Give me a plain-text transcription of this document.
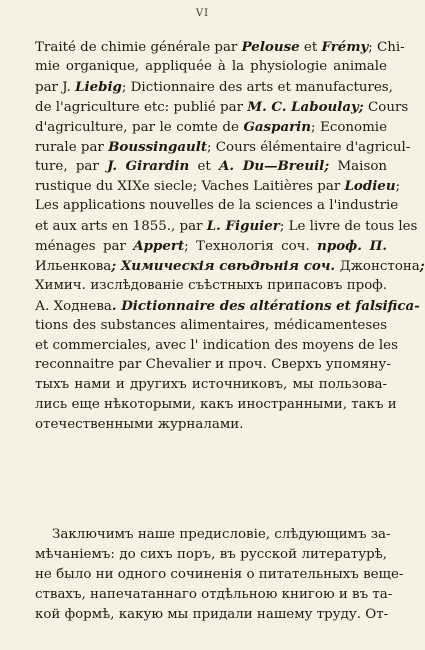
VI
Traité de chimie générale par Pelouse et Frémy; Chi-
mie organique, appliquée à la physiologie animale
par J. Liebig; Dictionnaire des arts et manufactures,
de l'agriculture etc: publié par M. C. Laboulay; Cours
d'agriculture, par le comte de Gasparin; Economie
rurale par Boussingault; Cours élémentaire d'agricul-
ture, par J. Girardin et A. Du—Breuil; Maison
rustique du XIXe siecle; Vaches Laitières par Lodieu;
Les applications nouvelles de la sciences a l'industrie
et aux arts en 1855., par L. Figuier; Le livre de tous les
ménages par Appert; Технологія соч. проф. П.
Ильенкова; Химическія свѣдѣнія соч. Джонстона;
Химич. изслѣдованіе съѣстныхъ припасовъ проф.
А. Ходнева. Dictionnaire des altérations et falsifica-
tions des substances alimentaires, médicamenteses
et commerciales, avec l' indication des moyens de les
reconnaitre par Chevalier и проч. Сверхъ упомяну-
тыхъ нами и другихъ источниковъ, мы пользова-
лись еще нѣкоторыми, какъ иностранными, такъ и
отечественными журналами.
Заключимъ наше предисловіе, слѣдующимъ за-
мѣчаніемъ: до сихъ поръ, въ русской литературѣ,
не было ни одного сочиненія о питательныхъ веще-
ствахъ, напечатаннаго отдѣльною книгою и въ та-
кой формѣ, какую мы придали нашему труду. От-
